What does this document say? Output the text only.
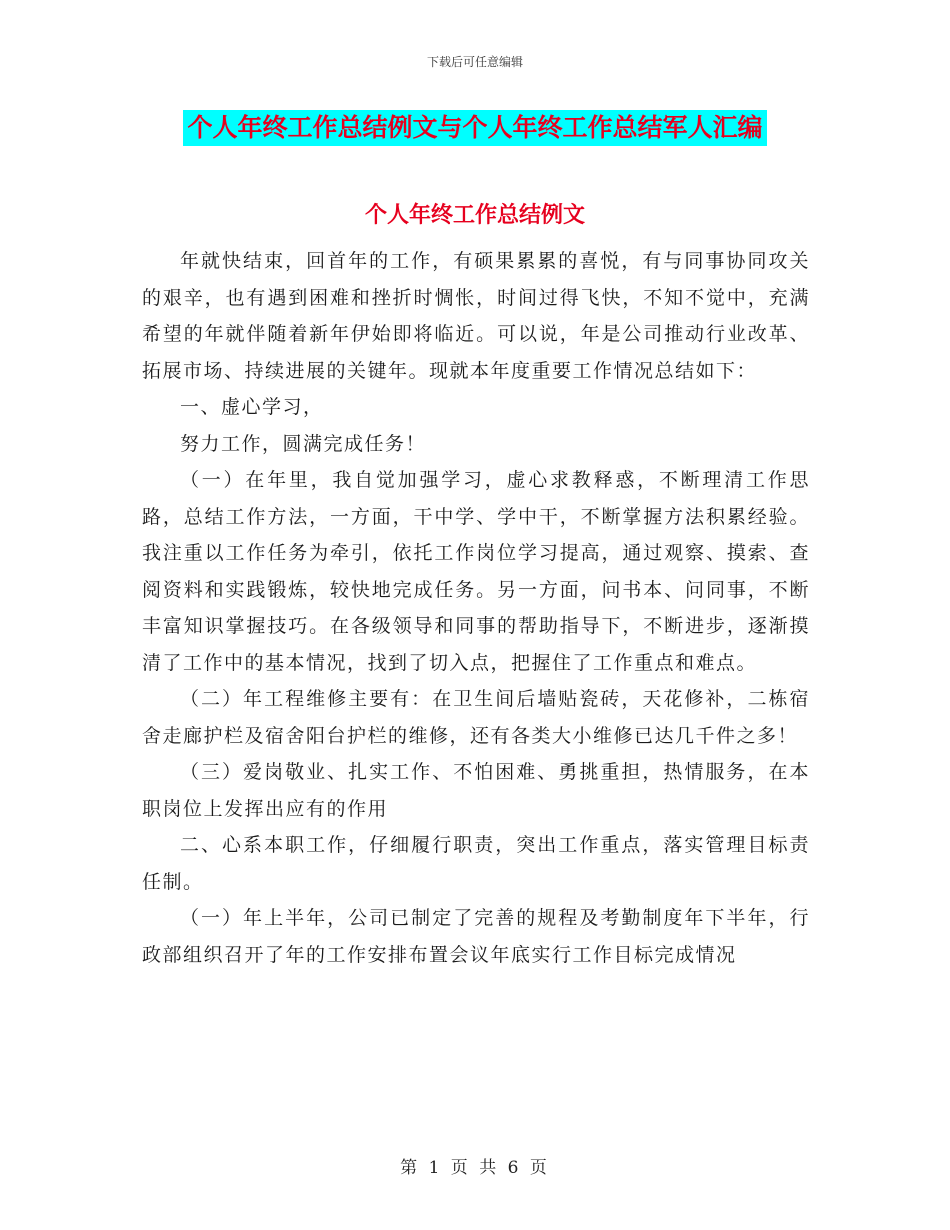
下载后可任意编辑
个人年终工作总结例文与个人年终工作总结军人汇编
个人年终工作总结例文

年就快结束，回首年的工作，有硕果累累的喜悦，有与同事协同攻关的艰辛，也有遇到困难和挫折时惆怅，时间过得飞快，不知不觉中，充满希望的年就伴随着新年伊始即将临近。可以说，年是公司推动行业改革、拓展市场、持续进展的关键年。现就本年度重要工作情况总结如下：

一、虚心学习，

努力工作，圆满完成任务！

（一）在年里，我自觉加强学习，虚心求教释惑，不断理清工作思路，总结工作方法，一方面，干中学、学中干，不断掌握方法积累经验。我注重以工作任务为牵引，依托工作岗位学习提高，通过观察、摸索、查阅资料和实践锻炼，较快地完成任务。另一方面，问书本、问同事，不断丰富知识掌握技巧。在各级领导和同事的帮助指导下，不断进步，逐渐摸清了工作中的基本情况，找到了切入点，把握住了工作重点和难点。

（二）年工程维修主要有：在卫生间后墙贴瓷砖，天花修补，二栋宿舍走廊护栏及宿舍阳台护栏的维修，还有各类大小维修已达几千件之多！

（三）爱岗敬业、扎实工作、不怕困难、勇挑重担，热情服务，在本职岗位上发挥出应有的作用

二、心系本职工作，仔细履行职责，突出工作重点，落实管理目标责任制。

（一）年上半年，公司已制定了完善的规程及考勤制度年下半年，行政部组织召开了年的工作安排布置会议年底实行工作目标完成情况

第 1 页 共 6 页
